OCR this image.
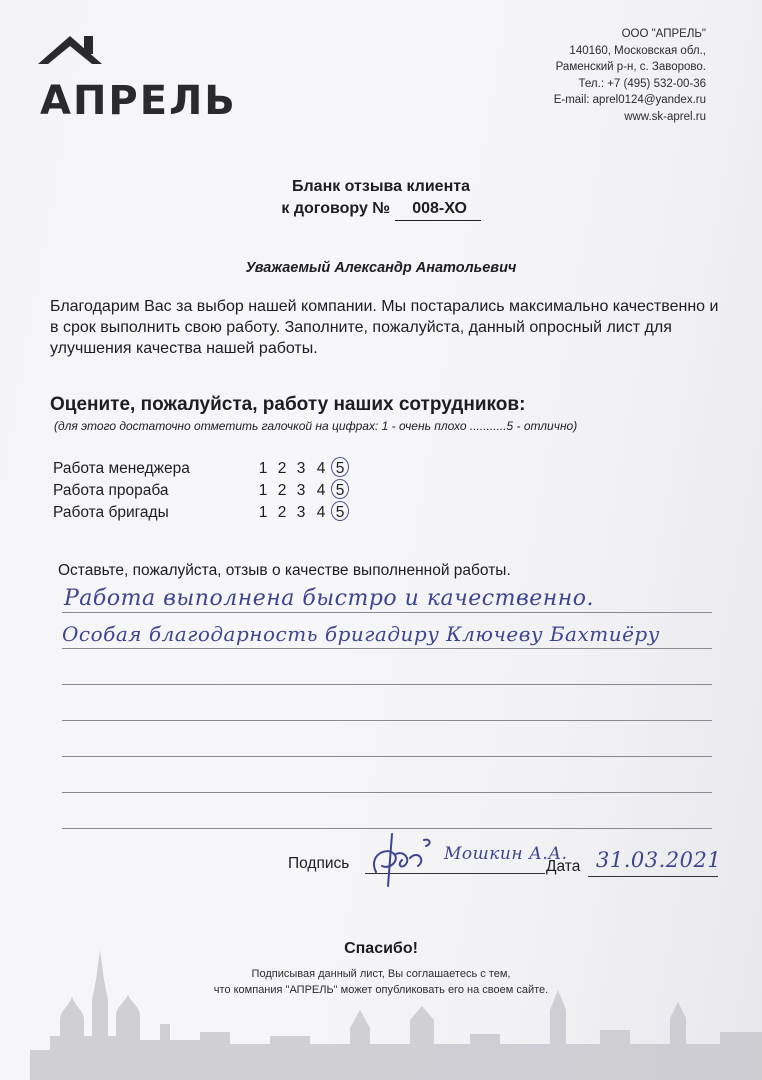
АПРЕЛЬ
ООО "АПРЕЛЬ"
140160, Московская обл.,
Раменский р-н, с. Заворово.
Тел.: +7 (495) 532-00-36
E-mail: aprel0124@yandex.ru
www.sk-aprel.ru
Бланк отзыва клиента
к договору № 008-ХО
Уважаемый Александр Анатольевич
Благодарим Вас за выбор нашей компании. Мы постарались максимально качественно и в срок выполнить свою работу. Заполните, пожалуйста, данный опросный лист для улучшения качества нашей работы.
Оцените, пожалуйста, работу наших сотрудников:
(для этого достаточно отметить галочкой на цифрах: 1 - очень плохо ...........5 - отлично)
Работа менеджера	1 2 3 4 5
Работа прораба	1 2 3 4 5
Работа бригады	1 2 3 4 5
Оставьте, пожалуйста, отзыв о качестве выполненной работы.
Работа выполнена быстро и качественно.
Особая благодарность бригадиру Ключеву Бахтиёру
Подпись	Мошкин А.А.
Дата 31.03.2021
Спасибо!
Подписывая данный лист, Вы соглашаетесь с тем,
что компания "АПРЕЛЬ" может опубликовать его на своем сайте.
